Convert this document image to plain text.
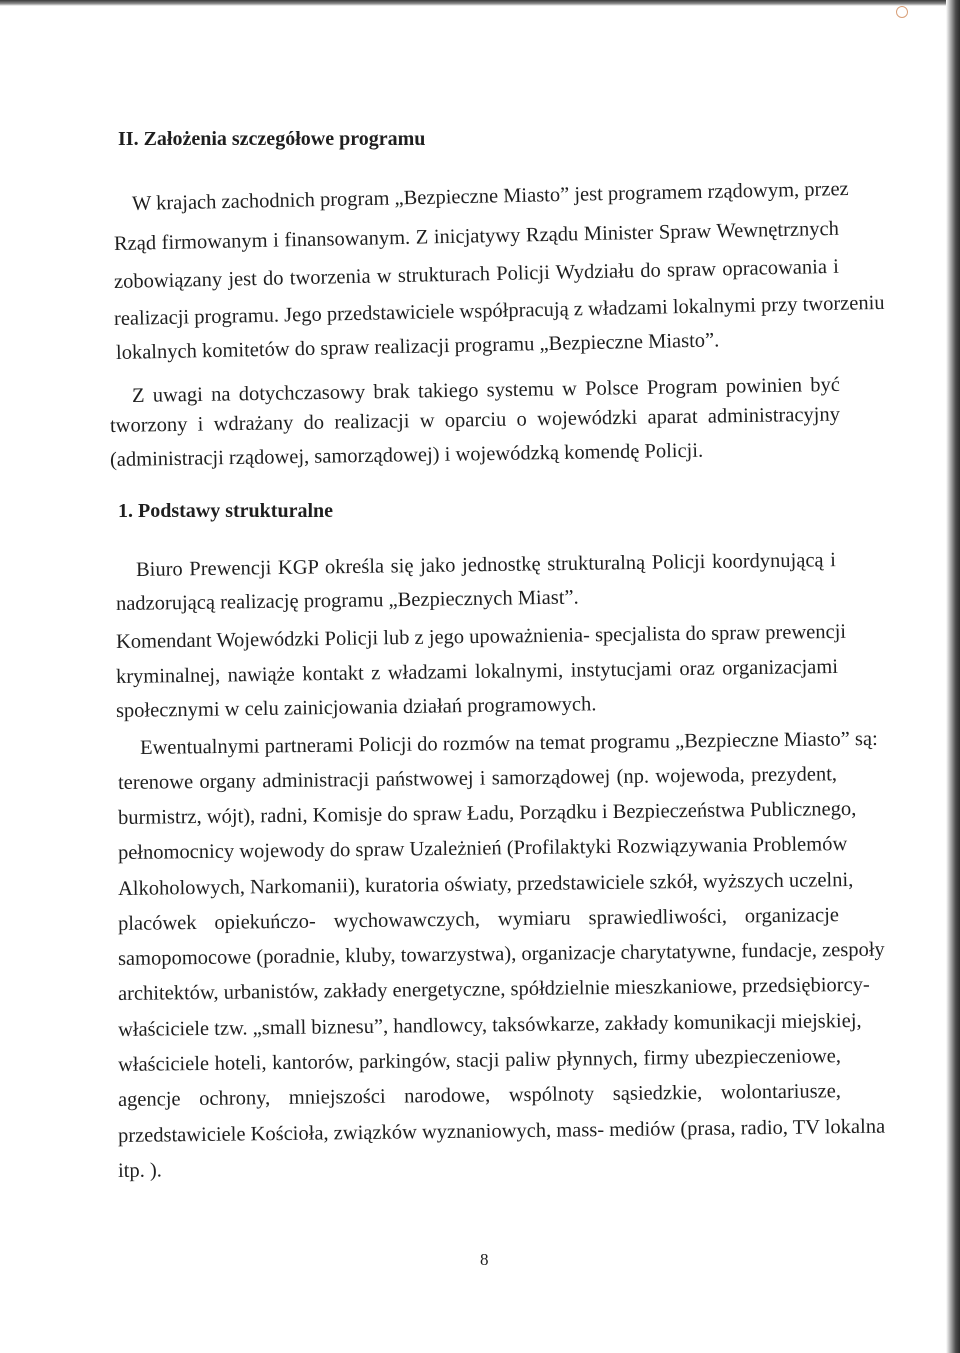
II. Założenia szczegółowe programu
W krajach zachodnich program „Bezpieczne Miasto” jest programem rządowym, przez
Rząd firmowanym i finansowanym. Z inicjatywy Rządu Minister Spraw Wewnętrznych
zobowiązany jest do tworzenia w strukturach Policji Wydziału do spraw opracowania i
realizacji programu. Jego przedstawiciele współpracują z władzami lokalnymi przy tworzeniu
lokalnych komitetów do spraw realizacji programu „Bezpieczne Miasto”.
Z uwagi na dotychczasowy brak takiego systemu w Polsce Program powinien być
tworzony i wdrażany do realizacji w oparciu o wojewódzki aparat administracyjny
(administracji rządowej, samorządowej) i wojewódzką komendę Policji.
1. Podstawy strukturalne
Biuro Prewencji KGP określa się jako jednostkę strukturalną Policji koordynującą i
nadzorującą realizację programu „Bezpiecznych Miast”.
Komendant Wojewódzki Policji lub z jego upoważnienia- specjalista do spraw prewencji
kryminalnej, nawiąże kontakt z władzami lokalnymi, instytucjami oraz organizacjami
społecznymi w celu zainicjowania działań programowych.
Ewentualnymi partnerami Policji do rozmów na temat programu „Bezpieczne Miasto” są:
terenowe organy administracji państwowej i samorządowej (np. wojewoda, prezydent,
burmistrz, wójt), radni, Komisje do spraw Ładu, Porządku i Bezpieczeństwa Publicznego,
pełnomocnicy wojewody do spraw Uzależnień (Profilaktyki Rozwiązywania Problemów
Alkoholowych, Narkomanii), kuratoria oświaty, przedstawiciele szkół, wyższych uczelni,
placówek opiekuńczo- wychowawczych, wymiaru sprawiedliwości, organizacje
samopomocowe (poradnie, kluby, towarzystwa), organizacje charytatywne, fundacje, zespoły
architektów, urbanistów, zakłady energetyczne, spółdzielnie mieszkaniowe, przedsiębiorcy-
właściciele tzw. „small biznesu”, handlowcy, taksówkarze, zakłady komunikacji miejskiej,
właściciele hoteli, kantorów, parkingów, stacji paliw płynnych, firmy ubezpieczeniowe,
agencje ochrony, mniejszości narodowe, wspólnoty sąsiedzkie, wolontariusze,
przedstawiciele Kościoła, związków wyznaniowych, mass- mediów (prasa, radio, TV lokalna
itp. ).
8
